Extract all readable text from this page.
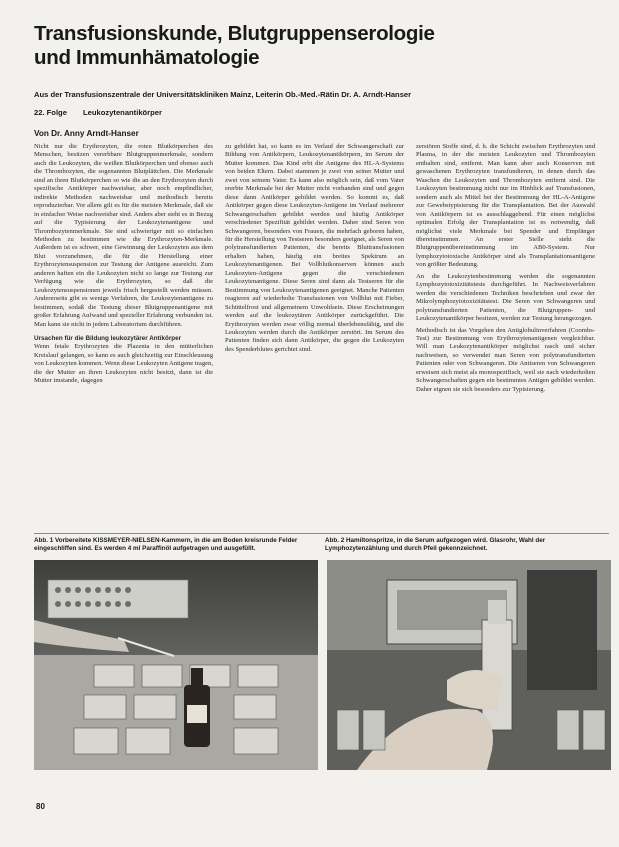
Transfusionskunde, Blutgruppenserologie
und Immunhämatologie
Aus der Transfusionszentrale der Universitätskliniken Mainz, Leiterin Ob.-Med.-Rätin Dr. A. Arndt-Hanser
22. Folge Leukozytenantikörper
Von Dr. Anny Arndt-Hanser

Nicht nur die Erythrozyten, die roten Blutkörperchen des Menschen, besitzen vererbbare Blutgruppenmerkmale, sondern auch die Leukozyten, die weißen Blutkörperchen und ebenso auch die Thrombozyten, die sogenannten Blutplättchen. Die Merkmale sind an ihren Blutkörperchen so wie die an den Erythrozyten durch spezifische Antikörper nachweisbar, aber noch empfindlicher, indirekte Methoden nachweisbar und methodisch bereits reproduzierbar. Vor allem gilt es für die meisten Merkmale, daß sie in einfacher Weise nachweisbar sind. Anders aber steht es in Bezug auf die Typisierung der Leukozytenantigene und Thrombozytenmerkmale. Sie sind schwieriger mit so einfachen Methoden zu bestimmen wie die Erythrozyten-Merkmale. Außerdem ist es schwer, eine Gewinnung der Leukozyten aus dem Blut vorzunehmen, die für die Herstellung einer Erythrozytensuspension zur Testung der Antigene ausreicht. Zum anderen haften ein die Leukozyten nicht so lange zur Testung zur Verfügung wie die Erythrozyten, so daß die Leukozytensuspensionen jeweils frisch hergestellt werden müssen. Andererseits gibt es wenige Verfahren, die Leukozytenantigene zu bestimmen, sodaß die Testung dieser Blutgruppenantigene mit großer Erfahrung Aufwand und spezieller Erfahrung verbunden ist. Man kann sie nicht in jedem Laboratorium durchführen.

Ursachen für die Bildung leukozytärer Antikörper

Wenn fetale Erythrozyten die Plazenta in den mütterlichen Kreislauf gelangen, so kann es auch gleichzeitig zur Einschleusung von Leukozyten kommen. Wenn diese Leukozyten Antigene tragen, die der Mutter an ihren Leukozyten nicht besitzt, dann ist die Mutter imstande, dagegen

zu gebildet hat, so kann es im Verlauf der Schwangerschaft zur Bildung von Antikörpern, Leukozytenantikörpern, im Serum der Mutter kommen. Das Kind erbt die Antigene des HL-A-Systems von beiden Eltern. Dabei stammen je zwei von seiner Mutter und zwei von seinem Vater. Es kann also möglich sein, daß vom Vater ererbte Merkmale bei der Mutter nicht vorhanden sind und gegen diese dann Antikörper gebildet werden. So kommt es, daß Antikörper gegen diese Leukozyten-Antigene im Verlauf mehrerer Schwangerschaften gebildet werden und häufig Antikörper verschiedener Spezifität gebildet werden. Daher sind Seren von Schwangeren, besonders von Frauen, die mehrfach geboren haben, für die Herstellung von Testseren besonders geeignet, als Seren von polytransfundierten Patienten, die bereits Bluttransfusionen erhalten haben, häufig ein breites Spektrum an Leukozytenantigenen. Bei Vollblutkonserven können auch Leukozyten-Antigene gegen die verschiedenen Leukozytenantigene. Diese Seren sind dann als Testseren für die Bestimmung von Leukozytenantigenen geeignet. Manche Patienten reagieren auf wiederholte Transfusionen von Vollblut mit Fieber, Schüttelfrost und allgemeinem Unwohlsein. Diese Erscheinungen werden auf die leukozytären Antikörper zurückgeführt. Die Erythrozyten werden zwar völlig normal überlebensfähig, und die Leukozyten werden durch die Antikörper zerstört. Im Serum des Patienten finden sich dann Antikörper, die gegen die Leukozyten des Spenderblutes gerichtet sind.

zerstören Stoffe sind, d. h. die Schicht zwischen Erythrozyten und Plasma, in der die meisten Leukozyten und Thrombozyten enthalten sind, entfernt. Man kann aber auch Konserven mit gewaschenen Erythrozyten transfundieren, in denen durch das Waschen die Leukozyten und Thrombozyten entfernt sind. Die Leukozyten bestimmung nicht nur im Hinblick auf Transfusionen, sondern auch als Mittel bei der Bestimmung der HL-A-Antigene zur Gewebstypisierung für die Transplantation. Bei der Auswahl von Antikörpern ist es ausschlaggebend. Für einen möglichst optimalen Erfolg der Transplantation ist es notwendig, daß möglichst viele Merkmale bei Spender und Empfänger übereinstimmen. An erster Stelle steht die Blutgruppenübereinstimmung im AB0-System. Nur lymphozytotoxische Antikörper sind als Transplantationsantigene von größter Bedeutung.

An die Leukozytenbestimmung werden die sogenannten Lymphozytotoxizitätstests durchgeführt. In Nachweisverfahren werden die verschiedenen Techniken beschrieben und zwar der Mikrolymphozytotoxizitätstest. Die Seren von Schwangeren und polytransfundierten Patienten, die Blutgruppen- und Leukozytenantikörper besitzen, werden zur Testung herangezogen.

Methodisch ist das Vorgehen den Antiglobulinverfahren (Coombs-Test) zur Bestimmung von Erythrozytenantigenen vergleichbar. Will man Leukozytenantikörper möglichst rasch und sicher nachweisen, so verwendet man Seren von polytransfundierten Patienten oder von Schwangeren. Die Antiseren von Schwangeren erweisen sich meist als monospezifisch, weil sie nach wiederholten Schwangerschaften gegen ein bestimmtes Antigen gebildet werden. Daher eignen sie sich besonders zur Typisierung.

Abb. 1 Vorbereitete KISSMEYER-NIELSEN-Kammern, in die am Boden kreisrunde Felder eingeschliffen sind. Es werden 4 ml Paraffinöl aufgetragen und ausgefüllt.
Abb. 2 Hamiltonspritze, in die Serum aufgezogen wird. Glasrohr, Wahl der Lymphozytenzählung und durch Pfeil gekennzeichnet.
80
